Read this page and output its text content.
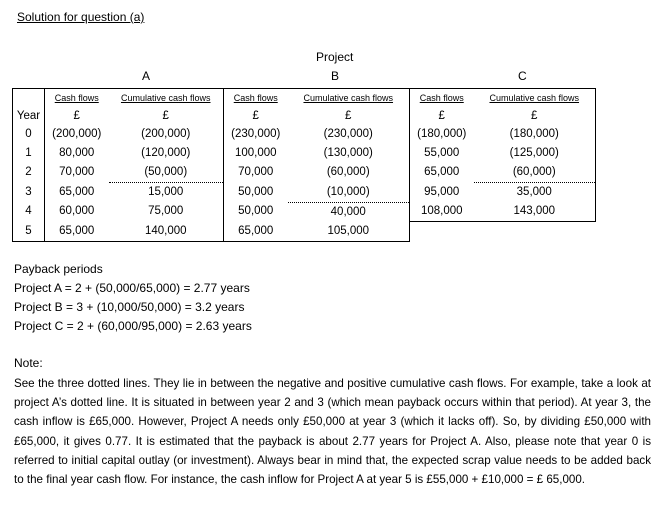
Solution for question (a)
Project
A	B	C
	Cash flows	Cumulative cash flows	Cash flows	Cumulative cash flows	Cash flows	Cumulative cash flows
Year	£	£	£	£	£	£
0	(200,000)	(200,000)	(230,000)	(230,000)	(180,000)	(180,000)
1	80,000	(120,000)	100,000	(130,000)	55,000	(125,000)
2	70,000	(50,000)	70,000	(60,000)	65,000	(60,000)
3	65,000	15,000	50,000	(10,000)	95,000	35,000
4	60,000	75,000	50,000	40,000	108,000	143,000
5	65,000	140,000	65,000	105,000		
Payback periods
Project A = 2 + (50,000/65,000) = 2.77 years
Project B = 3 + (10,000/50,000) = 3.2 years
Project C = 2 + (60,000/95,000) = 2.63 years
Note:
See the three dotted lines. They lie in between the negative and positive cumulative cash flows. For example, take a look at project A’s dotted line. It is situated in between year 2 and 3 (which mean payback occurs within that period). At year 3, the cash inflow is £65,000. However, Project A needs only £50,000 at year 3 (which it lacks off). So, by dividing £50,000 with £65,000, it gives 0.77. It is estimated that the payback is about 2.77 years for Project A. Also, please note that year 0 is referred to initial capital outlay (or investment). Always bear in mind that, the expected scrap value needs to be added back to the final year cash flow. For instance, the cash inflow for Project A at year 5 is £55,000 + £10,000 = £ 65,000.
